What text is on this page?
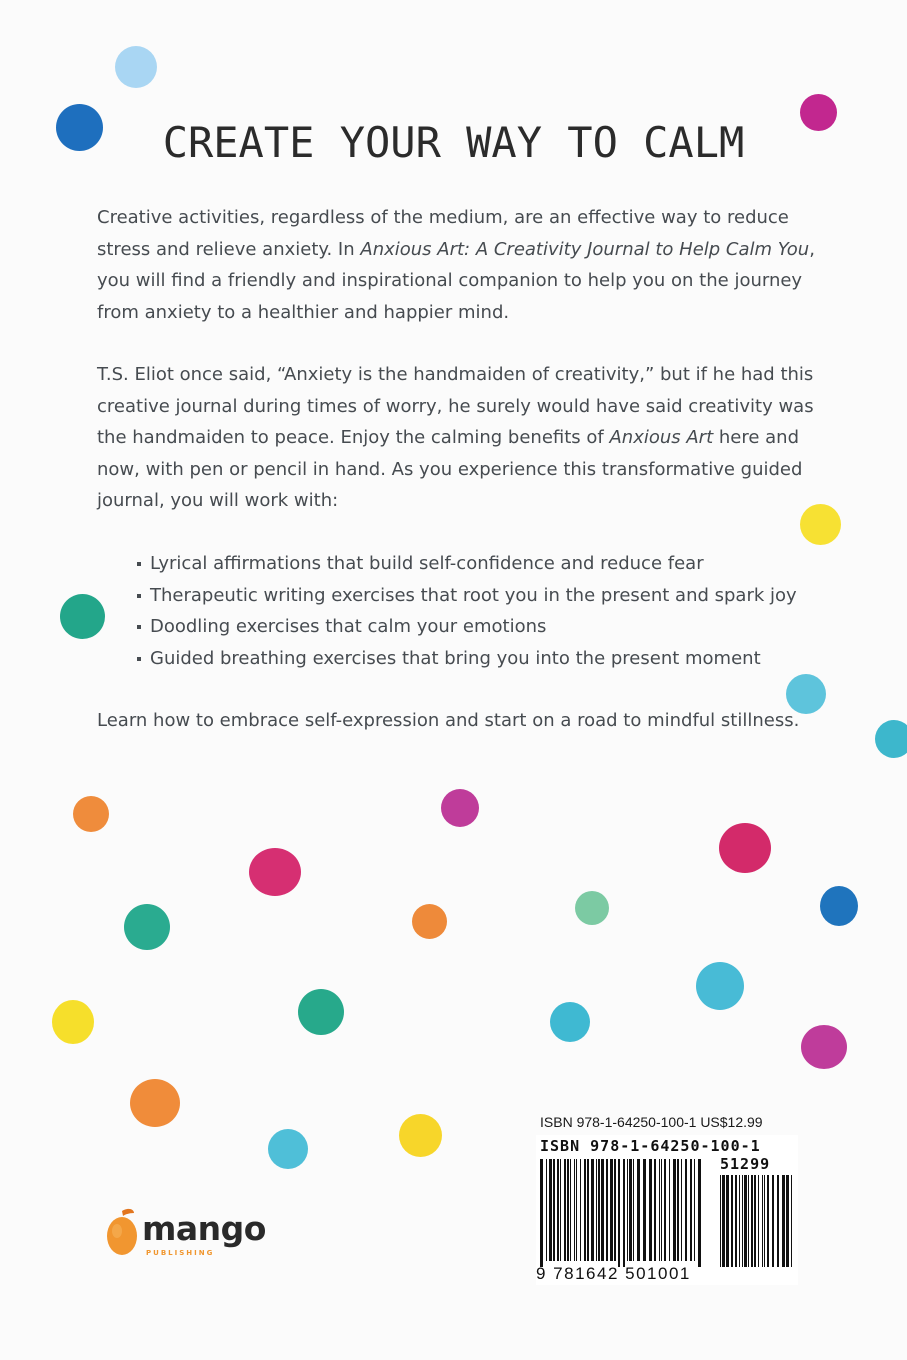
CREATE YOUR WAY TO CALM

Creative activities, regardless of the medium, are an effective way to reduce stress and relieve anxiety. In Anxious Art: A Creativity Journal to Help Calm You, you will find a friendly and inspirational companion to help you on the journey from anxiety to a healthier and happier mind.

T.S. Eliot once said, “Anxiety is the handmaiden of creativity,” but if he had this creative journal during times of worry, he surely would have said creativity was the handmaiden to peace. Enjoy the calming benefits of Anxious Art here and now, with pen or pencil in hand. As you experience this transformative guided journal, you will work with:

Lyrical affirmations that build self-confidence and reduce fear
Therapeutic writing exercises that root you in the present and spark joy
Doodling exercises that calm your emotions
Guided breathing exercises that bring you into the present moment

Learn how to embrace self-expression and start on a road to mindful stillness.

ISBN 978-1-64250-100-1 US$12.99
ISBN 978-1-64250-100-1
51299
9 781642 501001
mango
PUBLISHING
